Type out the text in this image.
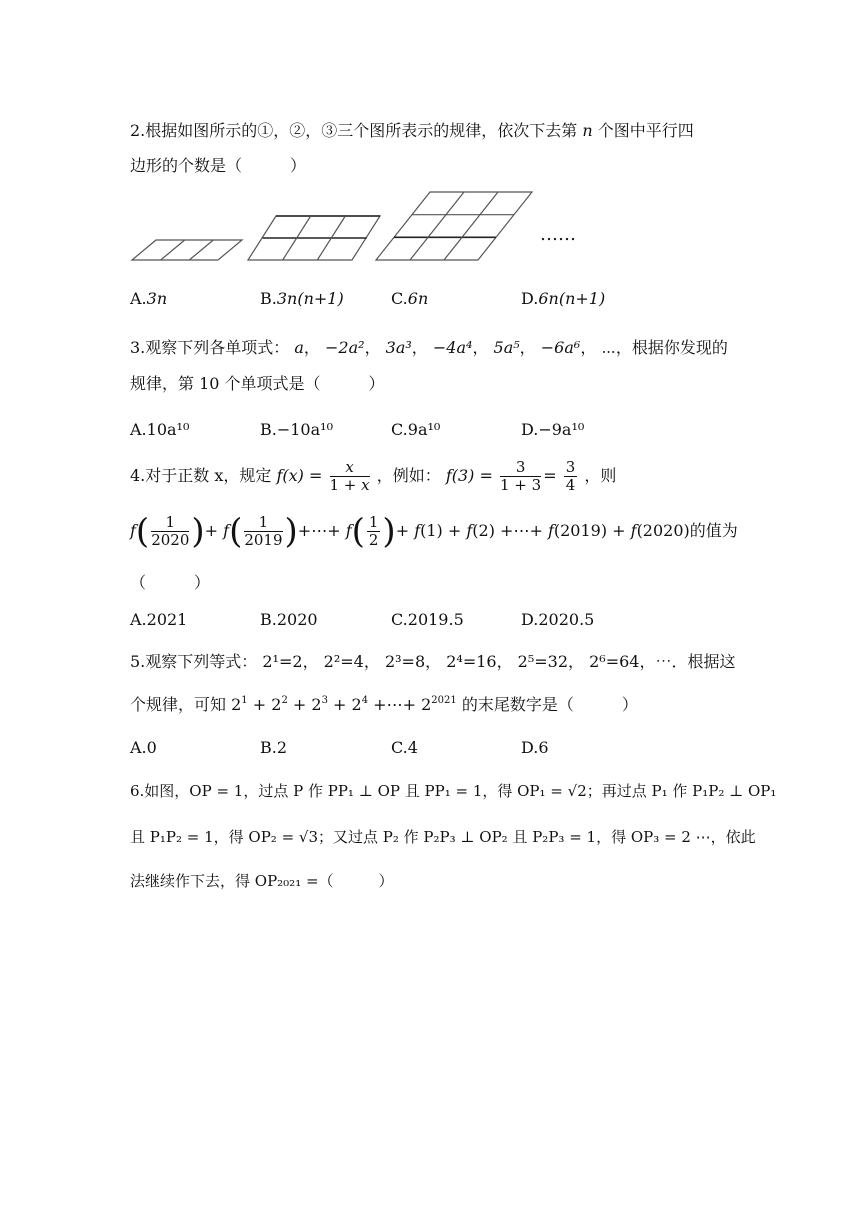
2.根据如图所示的①，②，③三个图所表示的规律，依次下去第 n 个图中平行四
边形的个数是（　　　）
……
A.3n	B.3n(n+1)	C.6n	D.6n(n+1)
3.观察下列各单项式： a， −2a²， 3a³， −4a⁴， 5a⁵， −6a⁶， ⋯，根据你发现的
规律，第 10 个单项式是（　　　）
A.10a¹⁰	B.−10a¹⁰	C.9a¹⁰	D.−9a¹⁰
4.对于正数 x，规定 $f(x) = \frac{x}{1 + x}$ ，例如： $f(3) = \frac{3}{1 + 3} = \frac{3}{4}$ ，则
$f( \frac{1}{2020}$ )+ $f( \frac{1}{2019}$ )+⋯+ $f( \frac{1}{2}$ )+ f(1) + f(2) +⋯+ f(2019) + f(2020)的值为
（　　　）
A.2021	B.2020	C.2019.5	D.2020.5
5.观察下列等式： 2¹=2， 2²=4， 2³=8， 2⁴=16， 2⁵=32， 2⁶=64，⋯．根据这
个规律，可知 $2^1 + 2^2 + 2^3 + 2^4$ +⋯+ $2^{2021}$ 的末尾数字是（　　　）
A.0	B.2	C.4	D.6
6.如图，OP = 1，过点 P 作 PP₁ ⊥ OP 且 PP₁ = 1，得 OP₁ = √2；再过点 P₁ 作 P₁P₂ ⊥ OP₁
且 P₁P₂ = 1，得 OP₂ = √3；又过点 P₂ 作 P₂P₃ ⊥ OP₂ 且 P₂P₃ = 1，得 OP₃ = 2 ⋯，依此
法继续作下去，得 OP₂₀₂₁ =（　　　）
